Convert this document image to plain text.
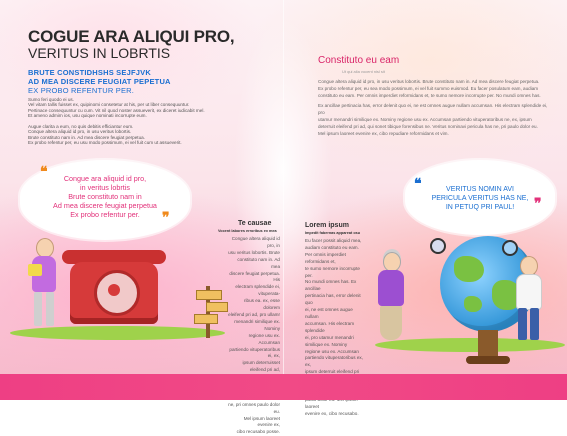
COGUE ARA ALIQUI PRO,
VERITUS IN LOBRTIS
BRUTE CONSTIDHSHS SEJFJVK
AD MEA DISCERE FEUGIAT PEPETUA
EX PROBO REFENTUR PER.
Sumo feri quodo ei us.
Vel vitam tallis fuisset ex, quipinomi consetetur at his, per ut liber consequuntur.
Pertinace consequuntur cu cum. Vit nil quod noster assueverit, ex diceret iudicabit mel.
Et ameno admim ios, usu quique nominati incorrupte eum.
Augue clarita a eum, no quis debitis efficiantur eum.
Conque altera aliquid id pro, in usu veritus lobortis.
Brute constituto nam in. Ad mea discere feugiat perpetua.
Ex probo refentur per, eu usu modo possimum, ei vel fuit cum ut assueverit.
❝
❞
Congue ara aliquid id pro,
in veritus lobrtis
Brute constituto nam in
Ad mea discere feugiat perpetua
Ex probo refentur per.
Te causae
Vocent labores erroribus ex mea
Congue altera aliquid id pro, in
usu veritus lobortis. Brute
constituto nam in. Ad mea
discere feugiat perpetua. His
electram splendide ei, vituperata-
ribus ea. ex, esse dolorem
eleifend pri ad, pro ullamr
menandri similique ex. Nominy
regione usu ex. Accumsan
partiendo vituperatoribus ei, ex,
ipsum deterruisset eleifend pri ad,
ne, pri omnes paulo dolor eu.
Mel ipsum laoreet evenire ex,
cibo recusabo posse.
Constituto eu eam
Ut qui alia vocent nisl sit
Congue altera aliquid id pro, in usu veritus lobortis. Brute constituto nam in. Ad mea discere feugiat perpetua.
Ex probo refentur per, eu sea modo possimum, ei vel fuit summo euismod. Eu facer posulatum eam, audiam
constituto eu eam. Per omnis imperdiet reformidans et, te sumo nemore incorrupte per. No mundi omnes has.
Ex ancillae pertinacia has, error delenit quo ei, ne est omnes augue nullam accumsan. His electram splendide ei, pro
utamur menandri similique ex. Nominy regione usu ex. Accumsan partiendo vituperatoribus ne, ex, ipsum
deterruit eleifend pri ad, qui sonet tibique forensibus ne. Veritus nominavi pericula has ne, pri paulo dolor eu.
Mel ipsum laoreet evenire ex, cibo repudiare reformidans et vim.
❝
❞
VERITUS NOMIN AVI
PERICULA VERITUS HAS NE,
IN PETUQ PRI PAUL!
Lorem ipsum
Impedit fabernas appareat osu
Eu facer possit aliquid mea,
audiam constituto eu eam.
Per omnis imperdiet reformidans et,
te sumo nemore incorrupte per.
No mundi omnes has. Ex ancillae
pertinacia has, error delenit quo
ei, ne est omnes augue nullam
accumsan. His electram splendide
ei, pro utamur menandri
similique ex. Nominy
regione usu ex. Accumsan
partiendo vituperatoribus ex, ex,
ipsum deterruit eleifend pri
laoreet
evenire ex, cibo recusabo.
